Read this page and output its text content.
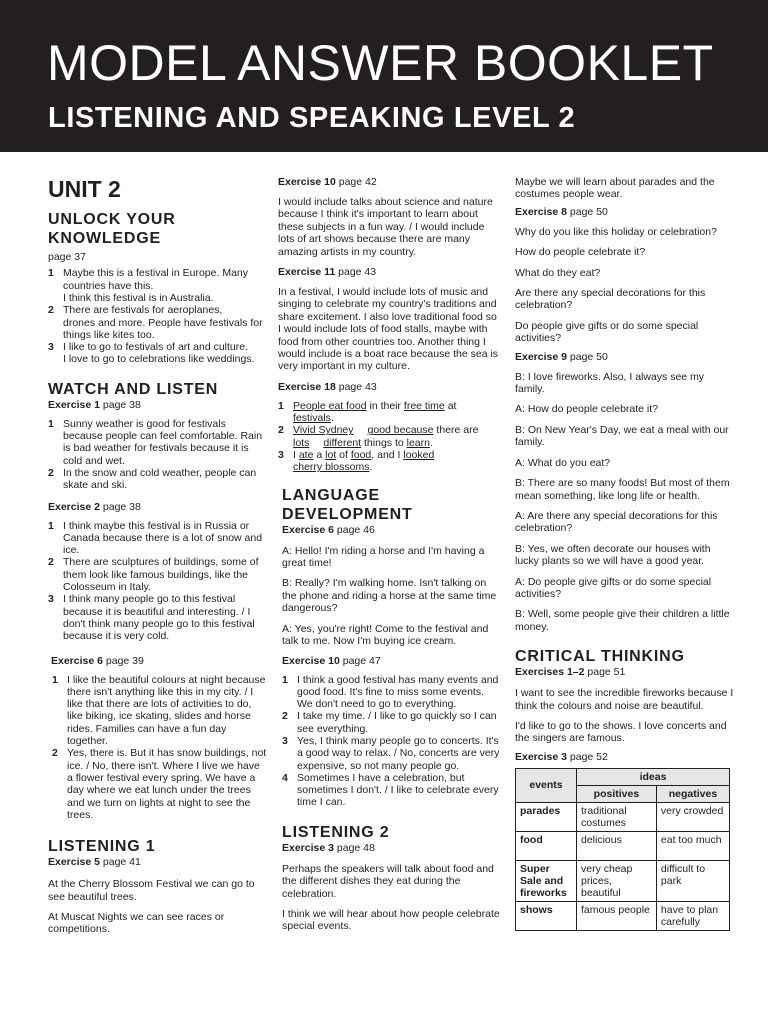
MODEL ANSWER BOOKLET
LISTENING AND SPEAKING LEVEL 2
UNIT 2
UNLOCK YOUR KNOWLEDGE

page 37

1 Maybe this is a festival in Europe. Many countries have this.
I think this festival is in Australia.
2 There are festivals for aeroplanes,
drones and more. People have festivals for things like kites too.
3 I like to go to festivals of art and culture.
I love to go to celebrations like weddings.
WATCH AND LISTEN

Exercise 1 page 38

1 Sunny weather is good for festivals because people can feel comfortable. Rain is bad weather for festivals because it is cold and wet.
2 In the snow and cold weather, people can skate and ski.

Exercise 2 page 38

1 I think maybe this festival is in Russia or Canada because there is a lot of snow and ice.
2 There are sculptures of buildings, some of them look like famous buildings, like the Colosseum in Italy.
3 I think many people go to this festival because it is beautiful and interesting. / I don't think many people go to this festival because it is very cold.

Exercise 6 page 39

1 I like the beautiful colours at night because there isn't anything like this in my city. / I like that there are lots of activities to do, like biking, ice skating, slides and horse rides. Families can have a fun day together.
2 Yes, there is. But it has snow buildings, not ice. / No, there isn't. Where I live we have a flower festival every spring. We have a day where we eat lunch under the trees and we turn on lights at night to see the trees.
LISTENING 1

Exercise 5 page 41

At the Cherry Blossom Festival we can go to see beautiful trees.

At Muscat Nights we can see races or competitions.

Exercise 10 page 42

I would include talks about science and nature because I think it's important to learn about these subjects in a fun way. / I would include lots of art shows because there are many amazing artists in my country.

Exercise 11 page 43

In a festival, I would include lots of music and singing to celebrate my country's traditions and share excitement. I also love traditional food so I would include lots of food stalls, maybe with food from other countries too. Another thing I would include is a boat race because the sea is very important in my culture.

Exercise 18 page 43

1 People eat food in their free time at festivals.
2 Vivid Sydney good because there are
lots different things to learn.
3 I ate a lot of food, and I looked
cherry blossoms.
LANGUAGE DEVELOPMENT

Exercise 6 page 46

A: Hello! I'm riding a horse and I'm having a great time!

B: Really? I'm walking home. Isn't talking on the phone and riding a horse at the same time dangerous?

A: Yes, you're right! Come to the festival and talk to me. Now I'm buying ice cream.

Exercise 10 page 47

1 I think a good festival has many events and good food. It's fine to miss some events. We don't need to go to everything.
2 I take my time. / I like to go quickly so I can see everything.
3 Yes, I think many people go to concerts. It's a good way to relax. / No, concerts are very expensive, so not many people go.
4 Sometimes I have a celebration, but sometimes I don't. / I like to celebrate every time I can.
LISTENING 2

Exercise 3 page 48

Perhaps the speakers will talk about food and the different dishes they eat during the celebration.

I think we will hear about how people celebrate special events.

Maybe we will learn about parades and the costumes people wear.

Exercise 8 page 50

Why do you like this holiday or celebration?

How do people celebrate it?

What do they eat?

Are there any special decorations for this celebration?

Do people give gifts or do some special activities?

Exercise 9 page 50

B: I love fireworks. Also, I always see my family.

A: How do people celebrate it?

B: On New Year's Day, we eat a meal with our family.

A: What do you eat?

B: There are so many foods! But most of them mean something, like long life or health.

A: Are there any special decorations for this celebration?

B: Yes, we often decorate our houses with lucky plants so we will have a good year.

A: Do people give gifts or do some special activities?

B: Well, some people give their children a little money.

CRITICAL THINKING

Exercises 1–2 page 51

I want to see the incredible fireworks because I think the colours and noise are beautiful.

I'd like to go to the shows. I love concerts and the singers are famous.

Exercise 3 page 52

events	ideas	
	positives	negatives
parades	traditional costumes	very crowded
food	delicious	eat too much
Super Sale and fireworks	very cheap prices, beautiful	difficult to park
shows	famous people	have to plan carefully
